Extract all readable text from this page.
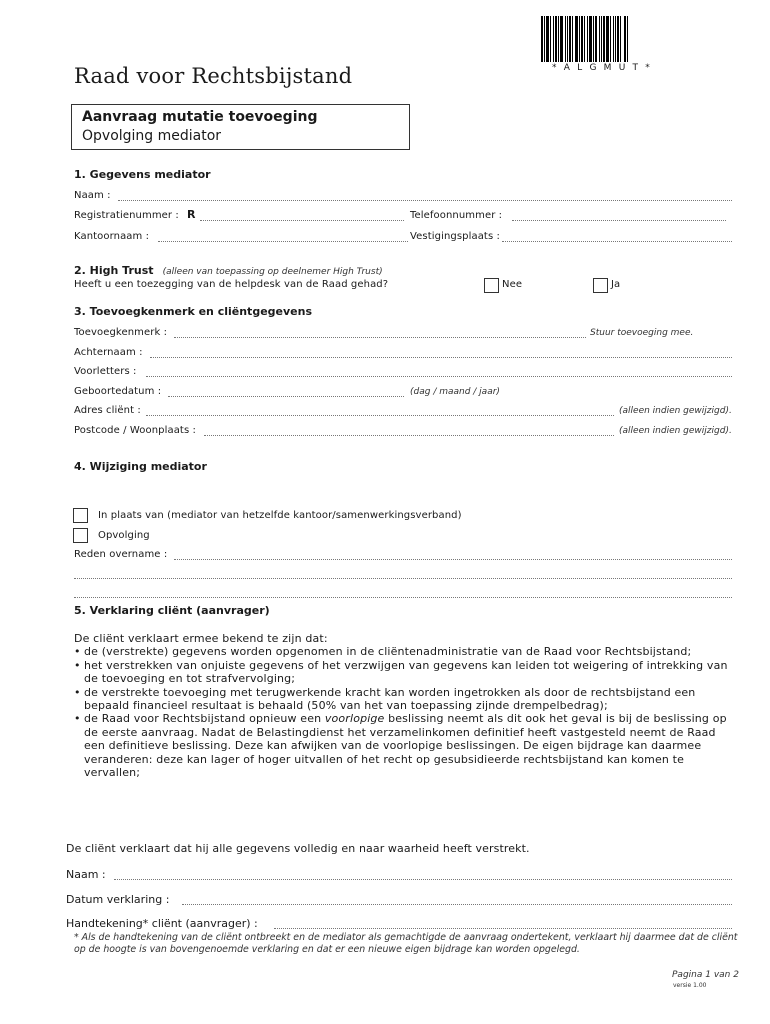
* A L G M U T *
Raad voor Rechtsbijstand
Aanvraag mutatie toevoeging
Opvolging mediator
1. Gegevens mediator
Naam :
Registratienummer : R	Telefoonnummer :
Kantoornaam :	Vestigingsplaats :
2. High Trust (alleen van toepassing op deelnemer High Trust)
Heeft u een toezegging van de helpdesk van de Raad gehad?	Nee	Ja
3. Toevoegkenmerk en cliëntgegevens
Toevoegkenmerk :	Stuur toevoeging mee.
Achternaam :
Voorletters :
Geboortedatum :	(dag / maand / jaar)
Adres cliënt :	(alleen indien gewijzigd).
Postcode / Woonplaats :	(alleen indien gewijzigd).
4. Wijziging mediator
In plaats van (mediator van hetzelfde kantoor/samenwerkingsverband)
Opvolging
Reden overname :
5. Verklaring cliënt (aanvrager)
De cliënt verklaart ermee bekend te zijn dat:
• de (verstrekte) gegevens worden opgenomen in de cliëntenadministratie van de Raad voor Rechtsbijstand;
• het verstrekken van onjuiste gegevens of het verzwijgen van gegevens kan leiden tot weigering of intrekking van de toevoeging en tot strafvervolging;
• de verstrekte toevoeging met terugwerkende kracht kan worden ingetrokken als door de rechtsbijstand een bepaald financieel resultaat is behaald (50% van het van toepassing zijnde drempelbedrag);
• de Raad voor Rechtsbijstand opnieuw een voorlopige beslissing neemt als dit ook het geval is bij de beslissing op de eerste aanvraag. Nadat de Belastingdienst het verzamelinkomen definitief heeft vastgesteld neemt de Raad een definitieve beslissing. Deze kan afwijken van de voorlopige beslissingen. De eigen bijdrage kan daarmee veranderen: deze kan lager of hoger uitvallen of het recht op gesubsidieerde rechtsbijstand kan komen te vervallen;
De cliënt verklaart dat hij alle gegevens volledig en naar waarheid heeft verstrekt.
Naam :
Datum verklaring :
Handtekening* cliënt (aanvrager) :
* Als de handtekening van de cliënt ontbreekt en de mediator als gemachtigde de aanvraag ondertekent, verklaart hij daarmee dat de cliënt op de hoogte is van bovengenoemde verklaring en dat er een nieuwe eigen bijdrage kan worden opgelegd.
Pagina 1 van 2
versie 1.00
